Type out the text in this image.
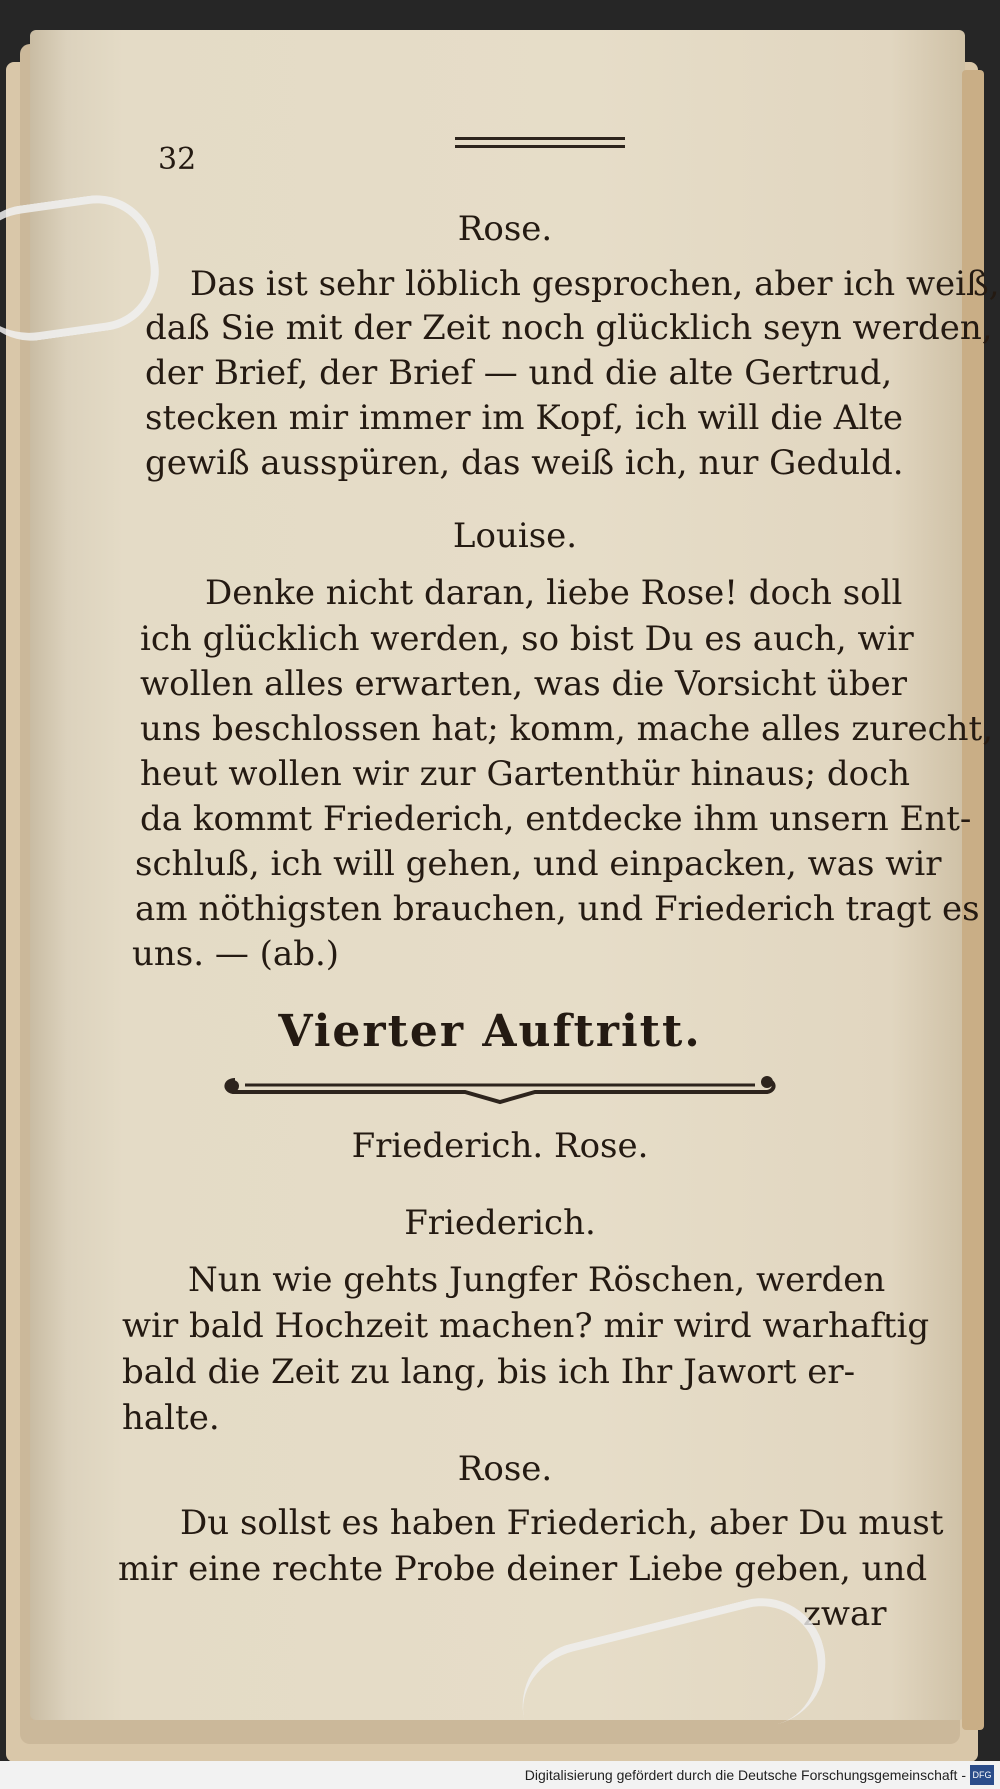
32
Rose.
Das ist sehr löblich gesprochen, aber ich weiß,
daß Sie mit der Zeit noch glücklich seyn werden,
der Brief, der Brief — und die alte Gertrud,
stecken mir immer im Kopf, ich will die Alte
gewiß ausspüren, das weiß ich, nur Geduld.
Louise.
Denke nicht daran, liebe Rose! doch soll
ich glücklich werden, so bist Du es auch, wir
wollen alles erwarten, was die Vorsicht über
uns beschlossen hat; komm, mache alles zurecht,
heut wollen wir zur Gartenthür hinaus; doch
da kommt Friederich, entdecke ihm unsern Ent-
schluß, ich will gehen, und einpacken, was wir
am nöthigsten brauchen, und Friederich tragt es
uns. — (ab.)
Vierter Auftritt.
Friederich. Rose.
Friederich.
Nun wie gehts Jungfer Röschen, werden
wir bald Hochzeit machen? mir wird warhaftig
bald die Zeit zu lang, bis ich Ihr Jawort er-
halte.
Rose.
Du sollst es haben Friederich, aber Du must
mir eine rechte Probe deiner Liebe geben, und
zwar
Digitalisierung gefördert durch die Deutsche Forschungsgemeinschaft - DFG
